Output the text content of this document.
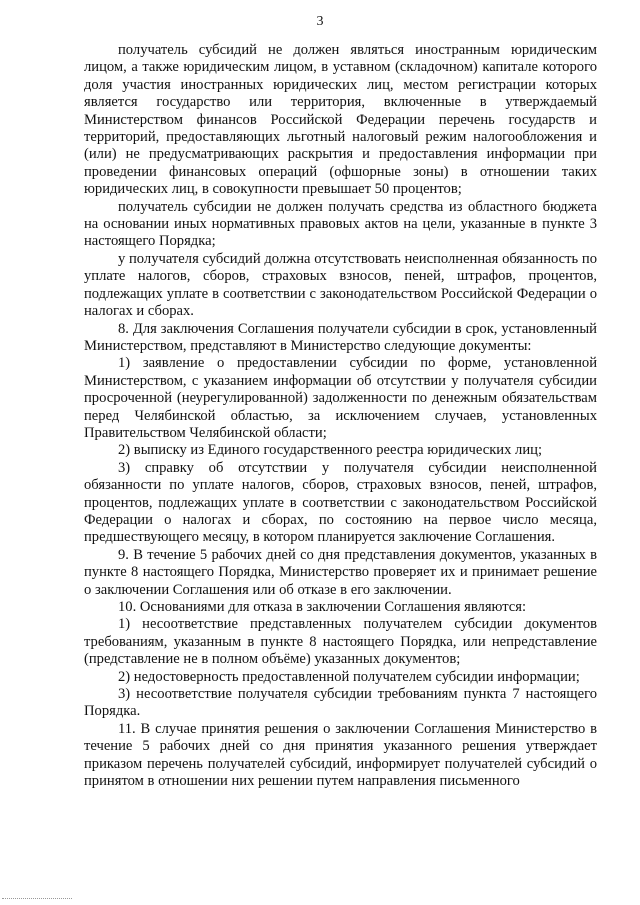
3

получатель субсидий не должен являться иностранным юридическим лицом, а также юридическим лицом, в уставном (складочном) капитале которого доля участия иностранных юридических лиц, местом регистрации которых является государство или территория, включенные в утверждаемый Министерством финансов Российской Федерации перечень государств и территорий, предоставляющих льготный налоговый режим налогообложения и (или) не предусматривающих раскрытия и предоставления информации при проведении финансовых операций (офшорные зоны) в отношении таких юридических лиц, в совокупности превышает 50 процентов;

получатель субсидии не должен получать средства из областного бюджета на основании иных нормативных правовых актов на цели, указанные в пункте 3 настоящего Порядка;

у получателя субсидий должна отсутствовать неисполненная обязанность по уплате налогов, сборов, страховых взносов, пеней, штрафов, процентов, подлежащих уплате в соответствии с законодательством Российской Федерации о налогах и сборах.

8. Для заключения Соглашения получатели субсидии в срок, установленный Министерством, представляют в Министерство следующие документы:

1) заявление о предоставлении субсидии по форме, установленной Министерством, с указанием информации об отсутствии у получателя субсидии просроченной (неурегулированной) задолженности по денежным обязательствам перед Челябинской областью, за исключением случаев, установленных Правительством Челябинской области;

2) выписку из Единого государственного реестра юридических лиц;

3) справку об отсутствии у получателя субсидии неисполненной обязанности по уплате налогов, сборов, страховых взносов, пеней, штрафов, процентов, подлежащих уплате в соответствии с законодательством Российской Федерации о налогах и сборах, по состоянию на первое число месяца, предшествующего месяцу, в котором планируется заключение Соглашения.

9. В течение 5 рабочих дней со дня представления документов, указанных в пункте 8 настоящего Порядка, Министерство проверяет их и принимает решение о заключении Соглашения или об отказе в его заключении.

10. Основаниями для отказа в заключении Соглашения являются:

1) несоответствие представленных получателем субсидии документов требованиям, указанным в пункте 8 настоящего Порядка, или непредставление (представление не в полном объёме) указанных документов;

2) недостоверность предоставленной получателем субсидии информации;

3) несоответствие получателя субсидии требованиям пункта 7 настоящего Порядка.

11. В случае принятия решения о заключении Соглашения Министерство в течение 5 рабочих дней со дня принятия указанного решения утверждает приказом перечень получателей субсидий, информирует получателей субсидий о принятом в отношении них решении путем направления письменного
